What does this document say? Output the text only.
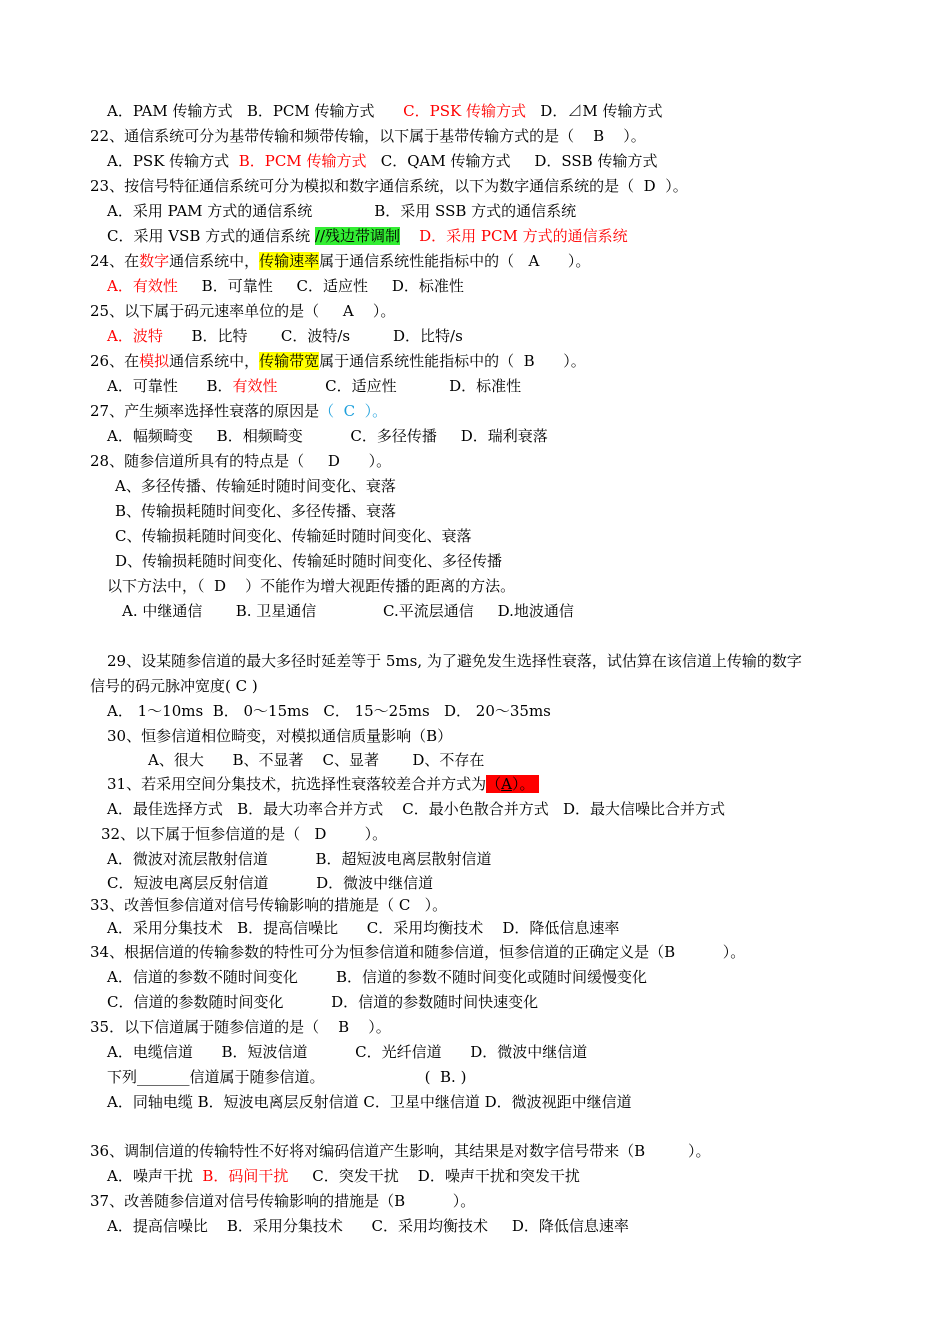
A．PAM 传输方式   B．PCM 传输方式      C．PSK 传输方式   D．⊿M 传输方式
22、通信系统可分为基带传输和频带传输，以下属于基带传输方式的是（    B    ）。
A．PSK 传输方式  B．PCM 传输方式   C．QAM 传输方式     D．SSB 传输方式
23、按信号特征通信系统可分为模拟和数字通信系统，以下为数字通信系统的是（  D  ）。
A．采用 PAM 方式的通信系统             B．采用 SSB 方式的通信系统
C．采用 VSB 方式的通信系统 //残边带调制 D．采用 PCM 方式的通信系统
24、在数字通信系统中，传输速率属于通信系统性能指标中的（   A      ）。
A．有效性     B．可靠性     C．适应性     D．标准性
25、以下属于码元速率单位的是（     A    ）。
A．波特      B．比特       C．波特/s         D．比特/s
26、在模拟通信系统中，传输带宽属于通信系统性能指标中的（  B      ）。
A．可靠性      B．有效性          C．适应性           D．标准性
27、产生频率选择性衰落的原因是（  C  ）。
A．幅频畸变     B．相频畸变          C．多径传播     D．瑞利衰落
28、随参信道所具有的特点是（     D      ）。
A、多径传播、传输延时随时间变化、衰落
B、传输损耗随时间变化、多径传播、衰落
C、传输损耗随时间变化、传输延时随时间变化、衰落
D、传输损耗随时间变化、传输延时随时间变化、多径传播
以下方法中，（  D    ）不能作为增大视距传播的距离的方法。
A. 中继通信       B. 卫星通信              C.平流层通信     D.地波通信
29、设某随参信道的最大多径时延差等于 5ms, 为了避免发生选择性衰落，试估算在该信道上传输的数字
信号的码元脉冲宽度( C )
A． 1～10ms  B． 0～15ms   C． 15～25ms   D． 20～35ms
30、恒参信道相位畸变，对模拟通信质量影响（B）
A、很大      B、不显著    C、显著       D、不存在
31、若采用空间分集技术，抗选择性衰落较差合并方式为（A）。
A．最佳选择方式   B．最大功率合并方式    C．最小色散合并方式   D．最大信噪比合并方式
32、以下属于恒参信道的是（   D        ）。
A．微波对流层散射信道          B．超短波电离层散射信道
C．短波电离层反射信道          D．微波中继信道
33、改善恒参信道对信号传输影响的措施是（ C   ）。
A．采用分集技术   B．提高信噪比      C．采用均衡技术    D．降低信息速率
34、根据信道的传输参数的特性可分为恒参信道和随参信道，恒参信道的正确定义是（B          ）。
A．信道的参数不随时间变化        B．信道的参数不随时间变化或随时间缓慢变化
C．信道的参数随时间变化          D．信道的参数随时间快速变化
35．以下信道属于随参信道的是（    B    ）。
A．电缆信道      B．短波信道          C．光纤信道      D．微波中继信道
下列_______信道属于随参信道。                     (  B. )
A．同轴电缆 B．短波电离层反射信道 C．卫星中继信道 D．微波视距中继信道
36、调制信道的传输特性不好将对编码信道产生影响，其结果是对数字信号带来（B         ）。
A．噪声干扰  B．码间干扰     C．突发干扰    D．噪声干扰和突发干扰
37、改善随参信道对信号传输影响的措施是（B          ）。
A．提高信噪比    B．采用分集技术      C．采用均衡技术     D．降低信息速率
